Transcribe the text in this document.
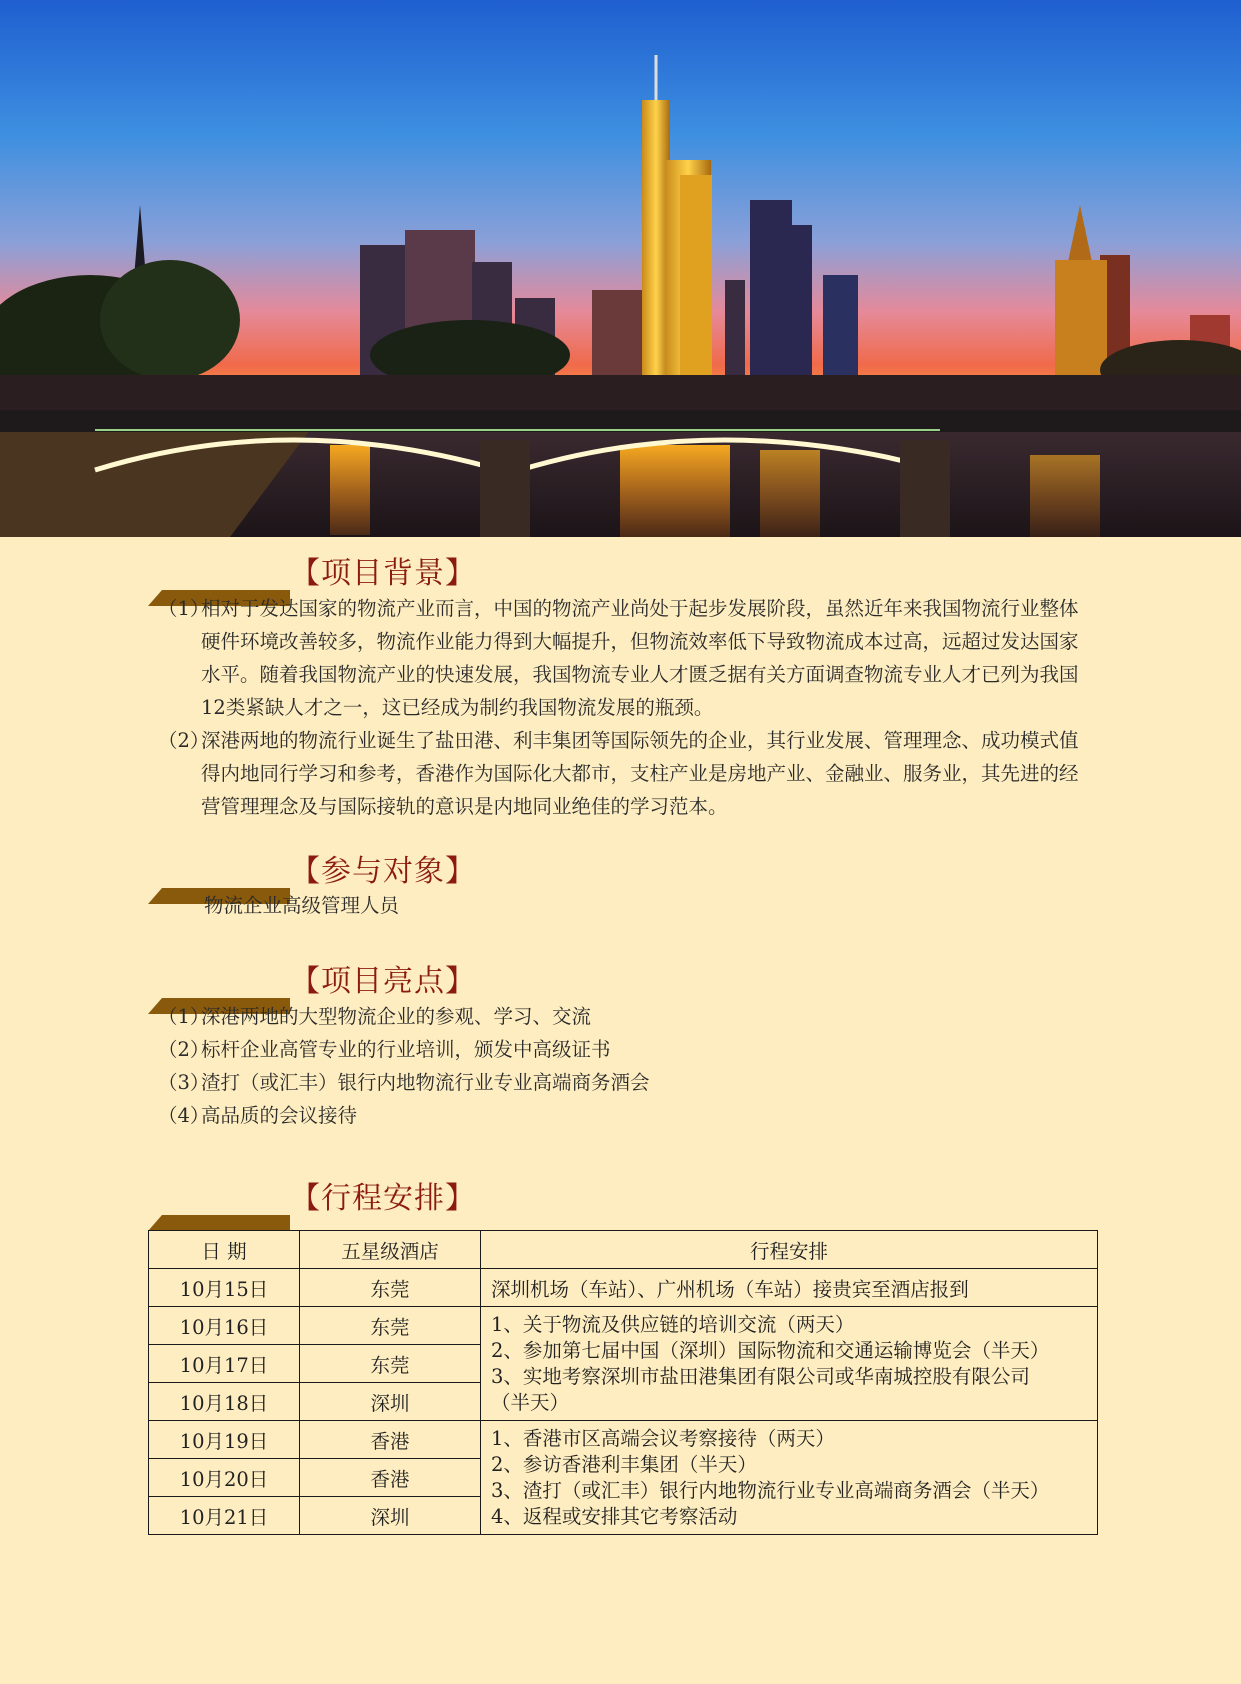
【项目背景】
（1）
相对于发达国家的物流产业而言，中国的物流产业尚处于起步发展阶段，虽然近年来我国物流行业整体硬件环境改善较多，物流作业能力得到大幅提升，但物流效率低下导致物流成本过高，远超过发达国家水平。随着我国物流产业的快速发展，我国物流专业人才匮乏据有关方面调查物流专业人才已列为我国12类紧缺人才之一，这已经成为制约我国物流发展的瓶颈。
（2）
深港两地的物流行业诞生了盐田港、利丰集团等国际领先的企业，其行业发展、管理理念、成功模式值得内地同行学习和参考，香港作为国际化大都市，支柱产业是房地产业、金融业、服务业，其先进的经营管理理念及与国际接轨的意识是内地同业绝佳的学习范本。
【参与对象】
物流企业高级管理人员
【项目亮点】
（1）
深港两地的大型物流企业的参观、学习、交流
（2）
标杆企业高管专业的行业培训，颁发中高级证书
（3）
渣打（或汇丰）银行内地物流行业专业高端商务酒会
（4）
高品质的会议接待
【行程安排】
日 期	五星级酒店	行程安排
10月15日	东莞	深圳机场（车站）、广州机场（车站）接贵宾至酒店报到
10月16日	东莞	1、关于物流及供应链的培训交流（两天）
2、参加第七届中国（深圳）国际物流和交通运输博览会（半天）
3、实地考察深圳市盐田港集团有限公司或华南城控股有限公司
（半天）

10月17日	东莞	
10月18日	深圳	
10月19日	香港	1、香港市区高端会议考察接待（两天）
2、参访香港利丰集团（半天）
3、渣打（或汇丰）银行内地物流行业专业高端商务酒会（半天）
4、返程或安排其它考察活动

10月20日	香港	
10月21日	深圳	
